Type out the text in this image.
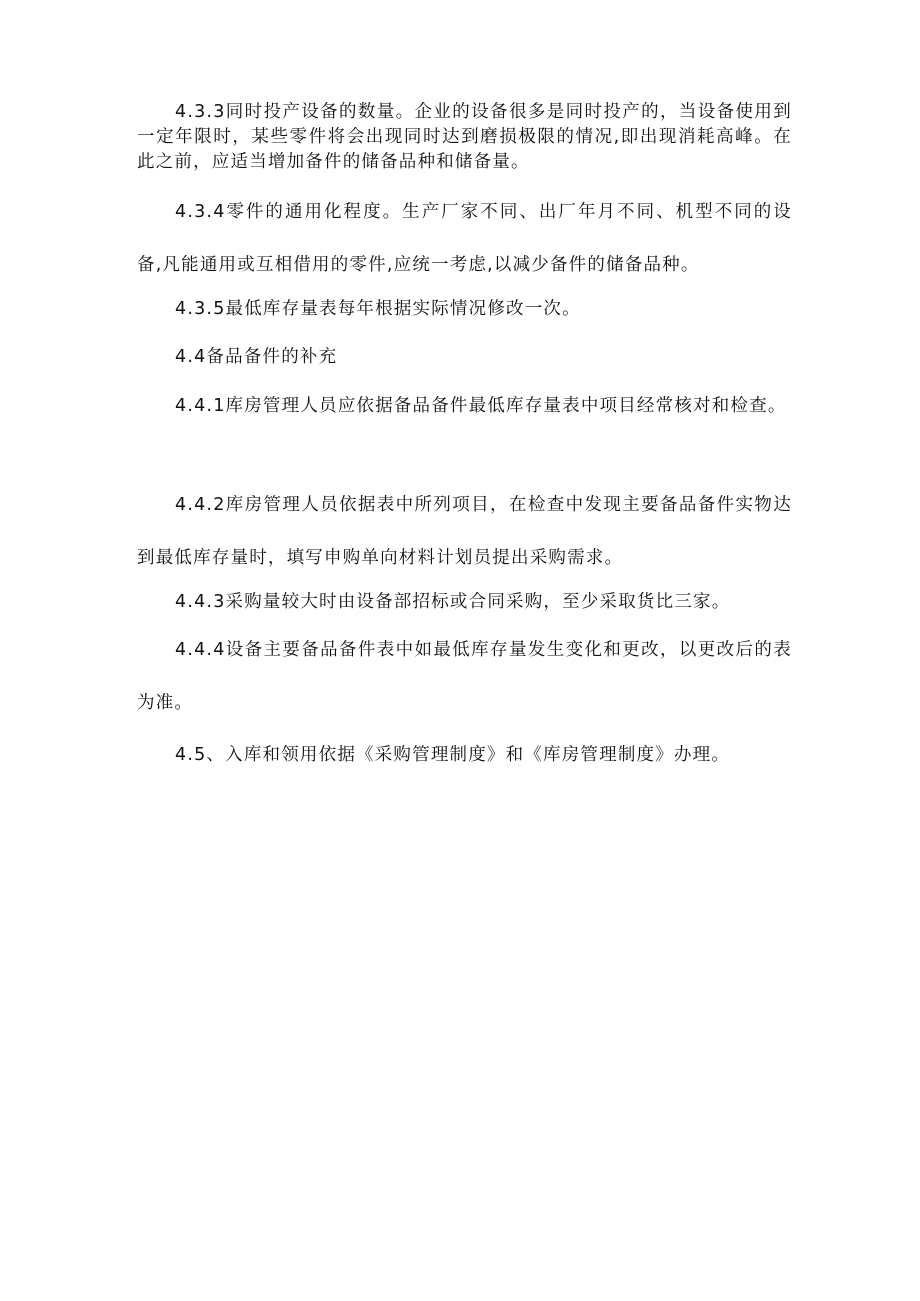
4.3.3同时投产设备的数量。企业的设备很多是同时投产的，当设备使用到一定年限时，某些零件将会出现同时达到磨损极限的情况,即出现消耗高峰。在此之前，应适当增加备件的储备品种和储备量。

4.3.4零件的通用化程度。生产厂家不同、出厂年月不同、机型不同的设备,凡能通用或互相借用的零件,应统一考虑,以减少备件的储备品种。

4.3.5最低库存量表每年根据实际情况修改一次。

4.4备品备件的补充

4.4.1库房管理人员应依据备品备件最低库存量表中项目经常核对和检查。

4.4.2库房管理人员依据表中所列项目，在检查中发现主要备品备件实物达到最低库存量时，填写申购单向材料计划员提出采购需求。

4.4.3采购量较大时由设备部招标或合同采购，至少采取货比三家。

4.4.4设备主要备品备件表中如最低库存量发生变化和更改，以更改后的表为准。

4.5、入库和领用依据《采购管理制度》和《库房管理制度》办理。
